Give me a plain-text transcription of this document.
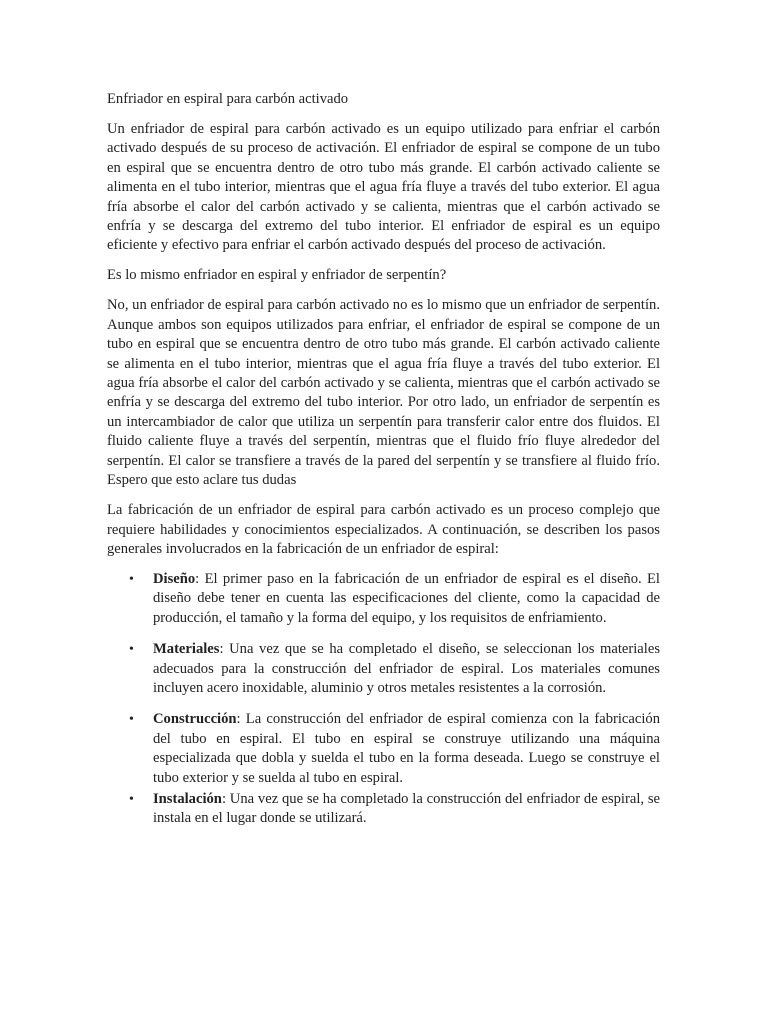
Enfriador en espiral para carbón activado

Un enfriador de espiral para carbón activado es un equipo utilizado para enfriar el carbón activado después de su proceso de activación. El enfriador de espiral se compone de un tubo en espiral que se encuentra dentro de otro tubo más grande. El carbón activado caliente se alimenta en el tubo interior, mientras que el agua fría fluye a través del tubo exterior. El agua fría absorbe el calor del carbón activado y se calienta, mientras que el carbón activado se enfría y se descarga del extremo del tubo interior. El enfriador de espiral es un equipo eficiente y efectivo para enfriar el carbón activado después del proceso de activación.

Es lo mismo enfriador en espiral y enfriador de serpentín?

No, un enfriador de espiral para carbón activado no es lo mismo que un enfriador de serpentín. Aunque ambos son equipos utilizados para enfriar, el enfriador de espiral se compone de un tubo en espiral que se encuentra dentro de otro tubo más grande. El carbón activado caliente se alimenta en el tubo interior, mientras que el agua fría fluye a través del tubo exterior. El agua fría absorbe el calor del carbón activado y se calienta, mientras que el carbón activado se enfría y se descarga del extremo del tubo interior. Por otro lado, un enfriador de serpentín es un intercambiador de calor que utiliza un serpentín para transferir calor entre dos fluidos. El fluido caliente fluye a través del serpentín, mientras que el fluido frío fluye alrededor del serpentín. El calor se transfiere a través de la pared del serpentín y se transfiere al fluido frío. Espero que esto aclare tus dudas

La fabricación de un enfriador de espiral para carbón activado es un proceso complejo que requiere habilidades y conocimientos especializados. A continuación, se describen los pasos generales involucrados en la fabricación de un enfriador de espiral:

• Diseño: El primer paso en la fabricación de un enfriador de espiral es el diseño. El diseño debe tener en cuenta las especificaciones del cliente, como la capacidad de producción, el tamaño y la forma del equipo, y los requisitos de enfriamiento.
• Materiales: Una vez que se ha completado el diseño, se seleccionan los materiales adecuados para la construcción del enfriador de espiral. Los materiales comunes incluyen acero inoxidable, aluminio y otros metales resistentes a la corrosión.
• Construcción: La construcción del enfriador de espiral comienza con la fabricación del tubo en espiral. El tubo en espiral se construye utilizando una máquina especializada que dobla y suelda el tubo en la forma deseada. Luego se construye el tubo exterior y se suelda al tubo en espiral.
• Instalación: Una vez que se ha completado la construcción del enfriador de espiral, se instala en el lugar donde se utilizará.
